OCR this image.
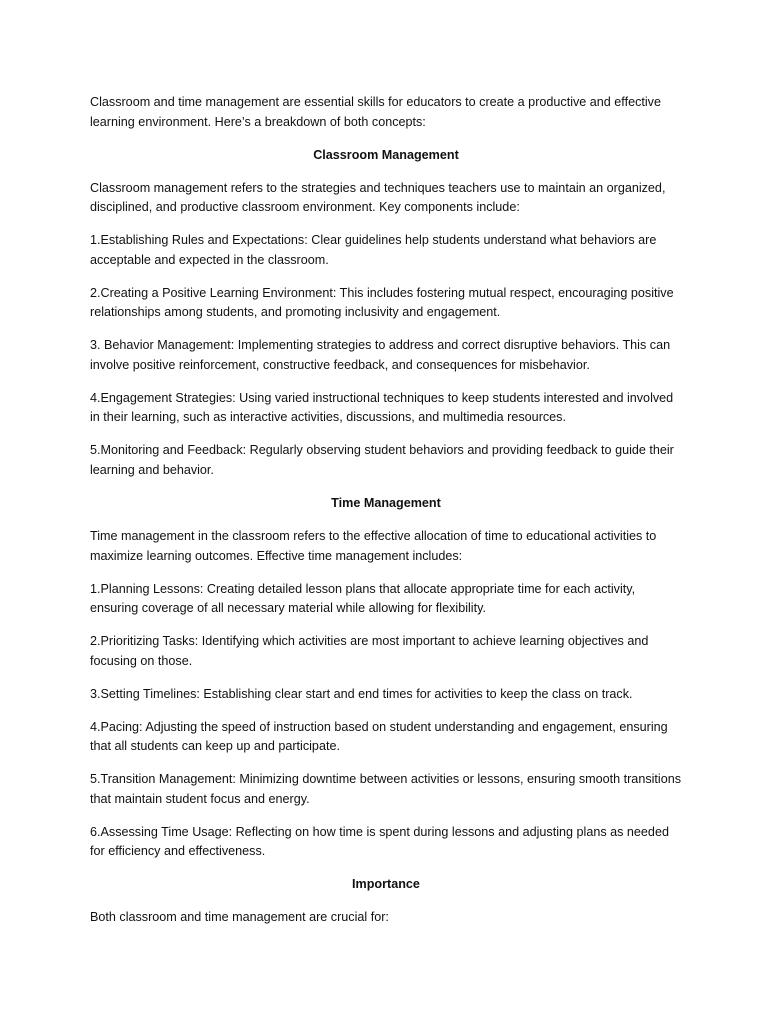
Classroom and time management are essential skills for educators to create a productive and effective learning environment. Here’s a breakdown of both concepts:

Classroom Management

Classroom management refers to the strategies and techniques teachers use to maintain an organized, disciplined, and productive classroom environment. Key components include:

1.Establishing Rules and Expectations: Clear guidelines help students understand what behaviors are acceptable and expected in the classroom.

2.Creating a Positive Learning Environment: This includes fostering mutual respect, encouraging positive relationships among students, and promoting inclusivity and engagement.

3. Behavior Management: Implementing strategies to address and correct disruptive behaviors. This can involve positive reinforcement, constructive feedback, and consequences for misbehavior.

4.Engagement Strategies: Using varied instructional techniques to keep students interested and involved in their learning, such as interactive activities, discussions, and multimedia resources.

5.Monitoring and Feedback: Regularly observing student behaviors and providing feedback to guide their learning and behavior.

Time Management

Time management in the classroom refers to the effective allocation of time to educational activities to maximize learning outcomes. Effective time management includes:

1.Planning Lessons: Creating detailed lesson plans that allocate appropriate time for each activity, ensuring coverage of all necessary material while allowing for flexibility.

2.Prioritizing Tasks: Identifying which activities are most important to achieve learning objectives and focusing on those.

3.Setting Timelines: Establishing clear start and end times for activities to keep the class on track.

4.Pacing: Adjusting the speed of instruction based on student understanding and engagement, ensuring that all students can keep up and participate.

5.Transition Management: Minimizing downtime between activities or lessons, ensuring smooth transitions that maintain student focus and energy.

6.Assessing Time Usage: Reflecting on how time is spent during lessons and adjusting plans as needed for efficiency and effectiveness.

Importance

Both classroom and time management are crucial for:
